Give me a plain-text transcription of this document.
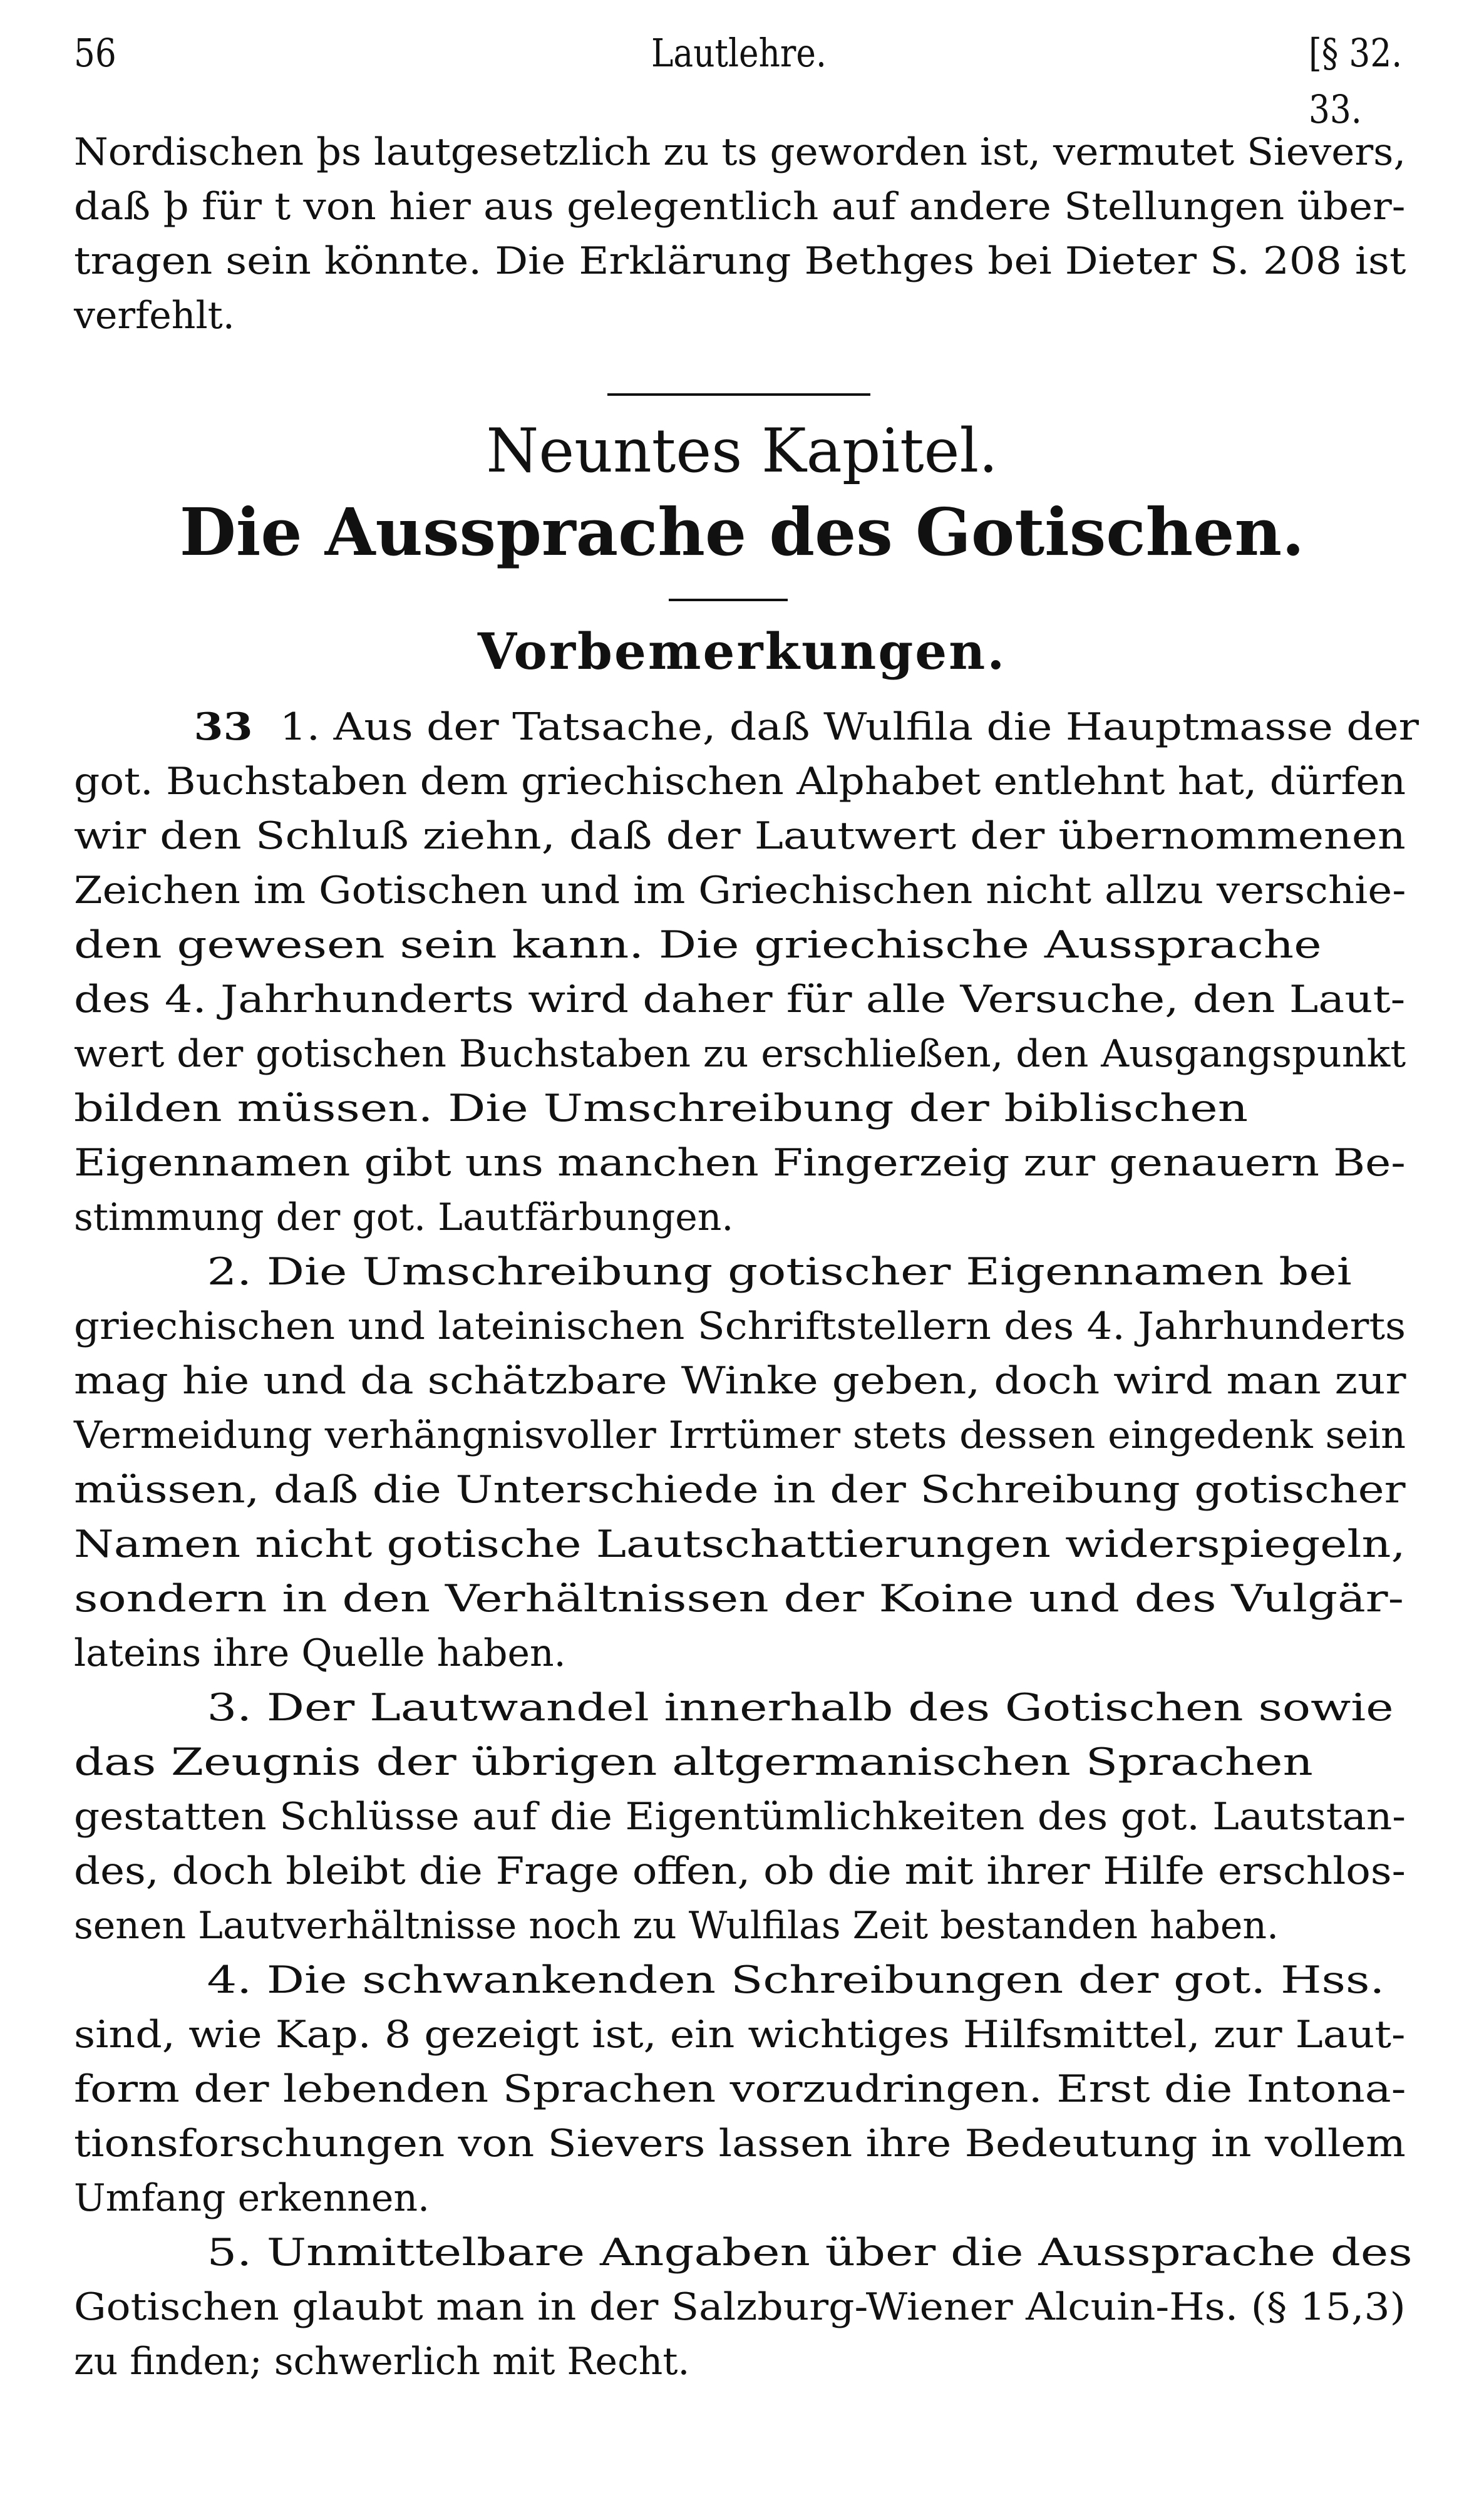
56	Lautlehre.	[§ 32. 33.
Nordischen þs lautgesetzlich zu ts geworden ist, vermutet Sievers,
daß þ für t von hier aus gelegentlich auf andere Stellungen über-
tragen sein könnte. Die Erklärung Bethges bei Dieter S. 208 ist
verfehlt.
Neuntes Kapitel.
Die Aussprache des Gotischen.
Vorbemerkungen.
33 1. Aus der Tatsache, daß Wulfila die Hauptmasse der
got. Buchstaben dem griechischen Alphabet entlehnt hat, dürfen
wir den Schluß ziehn, daß der Lautwert der übernommenen
Zeichen im Gotischen und im Griechischen nicht allzu verschie-
den gewesen sein kann. Die griechische Aussprache
des 4. Jahrhunderts wird daher für alle Versuche, den Laut-
wert der gotischen Buchstaben zu erschließen, den Ausgangspunkt
bilden müssen. Die Umschreibung der biblischen
Eigennamen gibt uns manchen Fingerzeig zur genauern Be-
stimmung der got. Lautfärbungen.
2. Die Umschreibung gotischer Eigennamen bei
griechischen und lateinischen Schriftstellern des 4. Jahrhunderts
mag hie und da schätzbare Winke geben, doch wird man zur
Vermeidung verhängnisvoller Irrtümer stets dessen eingedenk sein
müssen, daß die Unterschiede in der Schreibung gotischer
Namen nicht gotische Lautschattierungen widerspiegeln,
sondern in den Verhältnissen der Koine und des Vulgär-
lateins ihre Quelle haben.
3. Der Lautwandel innerhalb des Gotischen sowie
das Zeugnis der übrigen altgermanischen Sprachen
gestatten Schlüsse auf die Eigentümlichkeiten des got. Lautstan-
des, doch bleibt die Frage offen, ob die mit ihrer Hilfe erschlos-
senen Lautverhältnisse noch zu Wulfilas Zeit bestanden haben.
4. Die schwankenden Schreibungen der got. Hss.
sind, wie Kap. 8 gezeigt ist, ein wichtiges Hilfsmittel, zur Laut-
form der lebenden Sprachen vorzudringen. Erst die Intona-
tionsforschungen von Sievers lassen ihre Bedeutung in vollem
Umfang erkennen.
5. Unmittelbare Angaben über die Aussprache des
Gotischen glaubt man in der Salzburg-Wiener Alcuin-Hs. (§ 15,3)
zu finden; schwerlich mit Recht.
